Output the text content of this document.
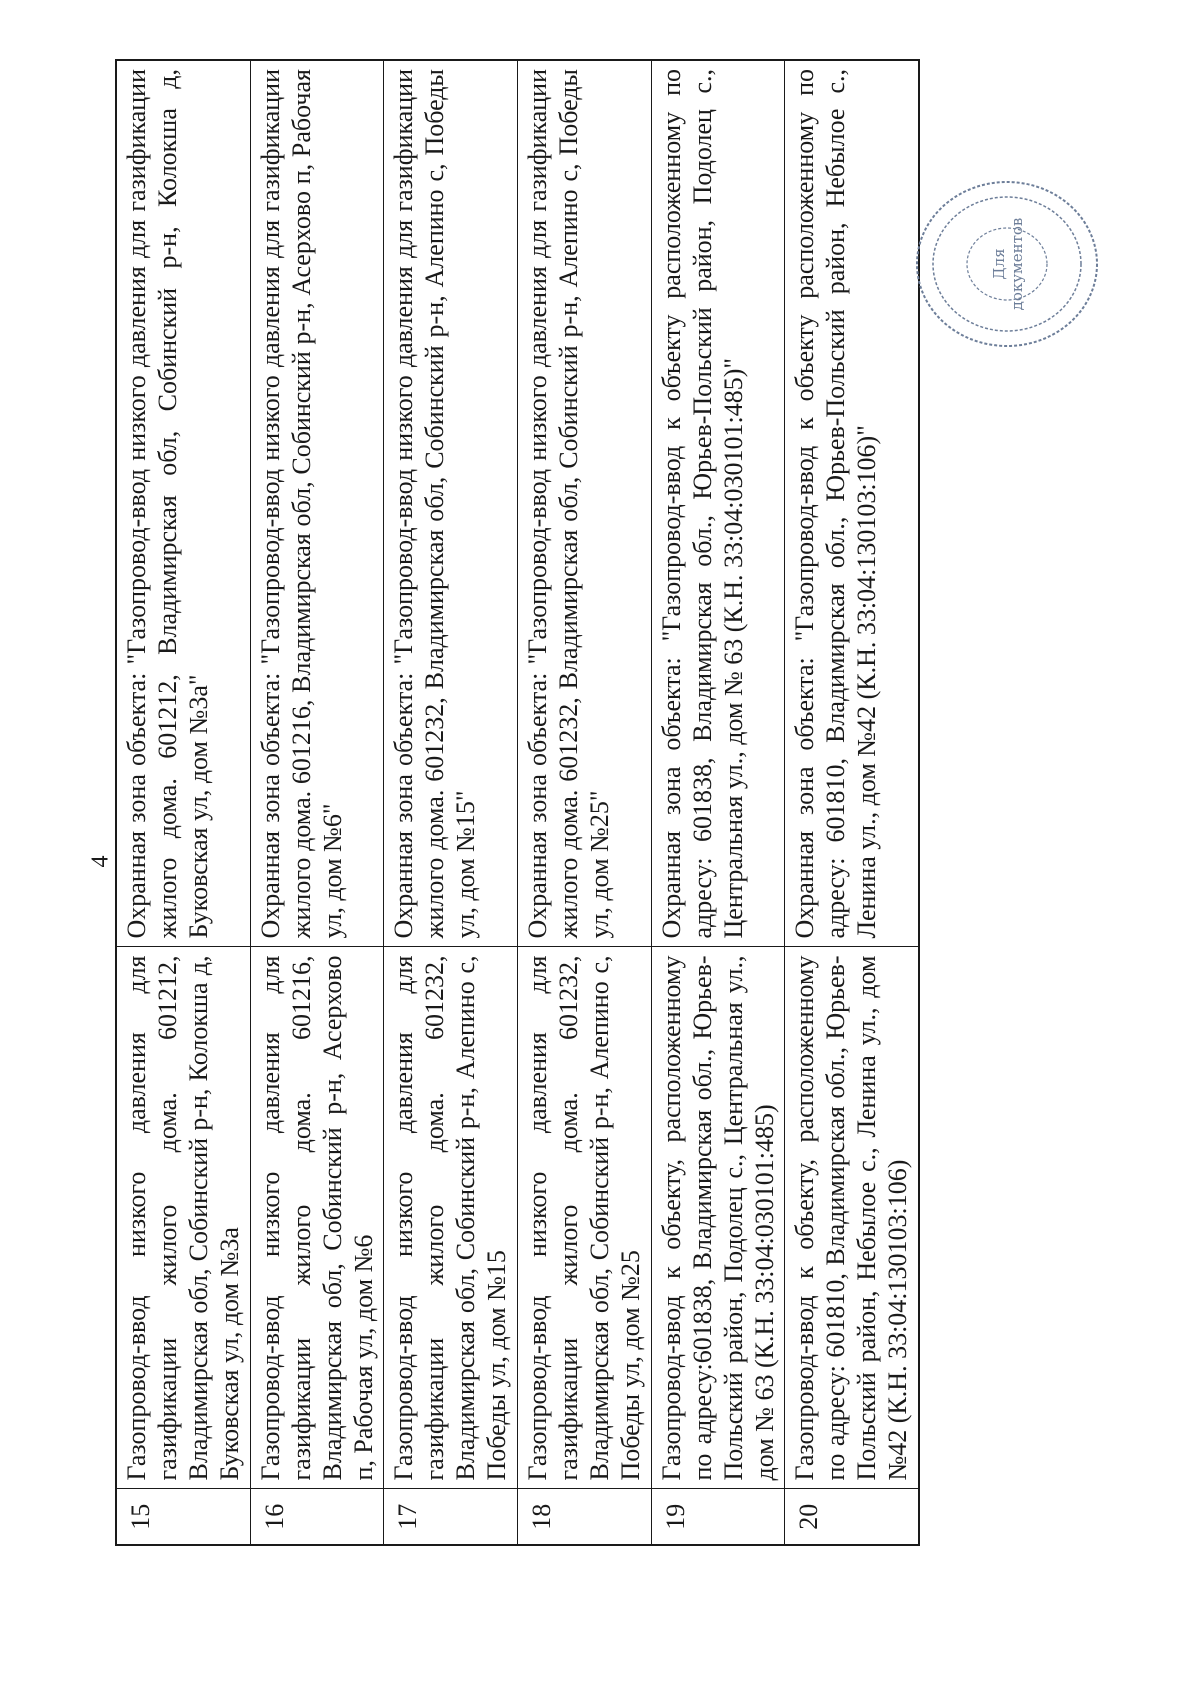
4
15	Газопровод-ввод низкого давления для газификации жилого дома. 601212, Владимирская обл, Собинский р-н, Колокша д, Буковская ул, дом №3а	Охранная зона объекта: "Газопровод-ввод низкого давления для газификации жилого дома. 601212, Владимирская обл, Собинский р-н, Колокша д, Буковская ул, дом №3а"
16	Газопровод-ввод низкого давления для газификации жилого дома. 601216, Владимирская обл, Собинский р-н, Асерхово п, Рабочая ул, дом №6	Охранная зона объекта: "Газопровод-ввод низкого давления для газификации жилого дома. 601216, Владимирская обл, Собинский р-н, Асерхово п, Рабочая ул, дом №6"
17	Газопровод-ввод низкого давления для газификации жилого дома. 601232, Владимирская обл, Собинский р-н, Алепино с, Победы ул, дом №15	Охранная зона объекта: "Газопровод-ввод низкого давления для газификации жилого дома. 601232, Владимирская обл, Собинский р-н, Алепино с, Победы ул, дом №15"
18	Газопровод-ввод низкого давления для газификации жилого дома. 601232, Владимирская обл, Собинский р-н, Алепино с, Победы ул, дом №25	Охранная зона объекта: "Газопровод-ввод низкого давления для газификации жилого дома. 601232, Владимирская обл, Собинский р-н, Алепино с, Победы ул, дом №25"
19	Газопровод-ввод к объекту, расположенному по адресу:601838, Владимирская обл., Юрьев-Польский район, Подолец с., Центральная ул., дом № 63 (К.Н. 33:04:030101:485)	Охранная зона объекта: "Газопровод-ввод к объекту расположенному по адресу: 601838, Владимирская обл., Юрьев-Польский район, Подолец с., Центральная ул., дом № 63 (К.Н. 33:04:030101:485)"
20	Газопровод-ввод к объекту, расположенному по адресу: 601810, Владимирская обл., Юрьев-Польский район, Небылое с., Ленина ул., дом №42 (К.Н. 33:04:130103:106)	Охранная зона объекта: "Газопровод-ввод к объекту расположенному по адресу: 601810, Владимирская обл., Юрьев-Польский район, Небылое с., Ленина ул., дом №42 (К.Н. 33:04:130103:106)"
Для документов
